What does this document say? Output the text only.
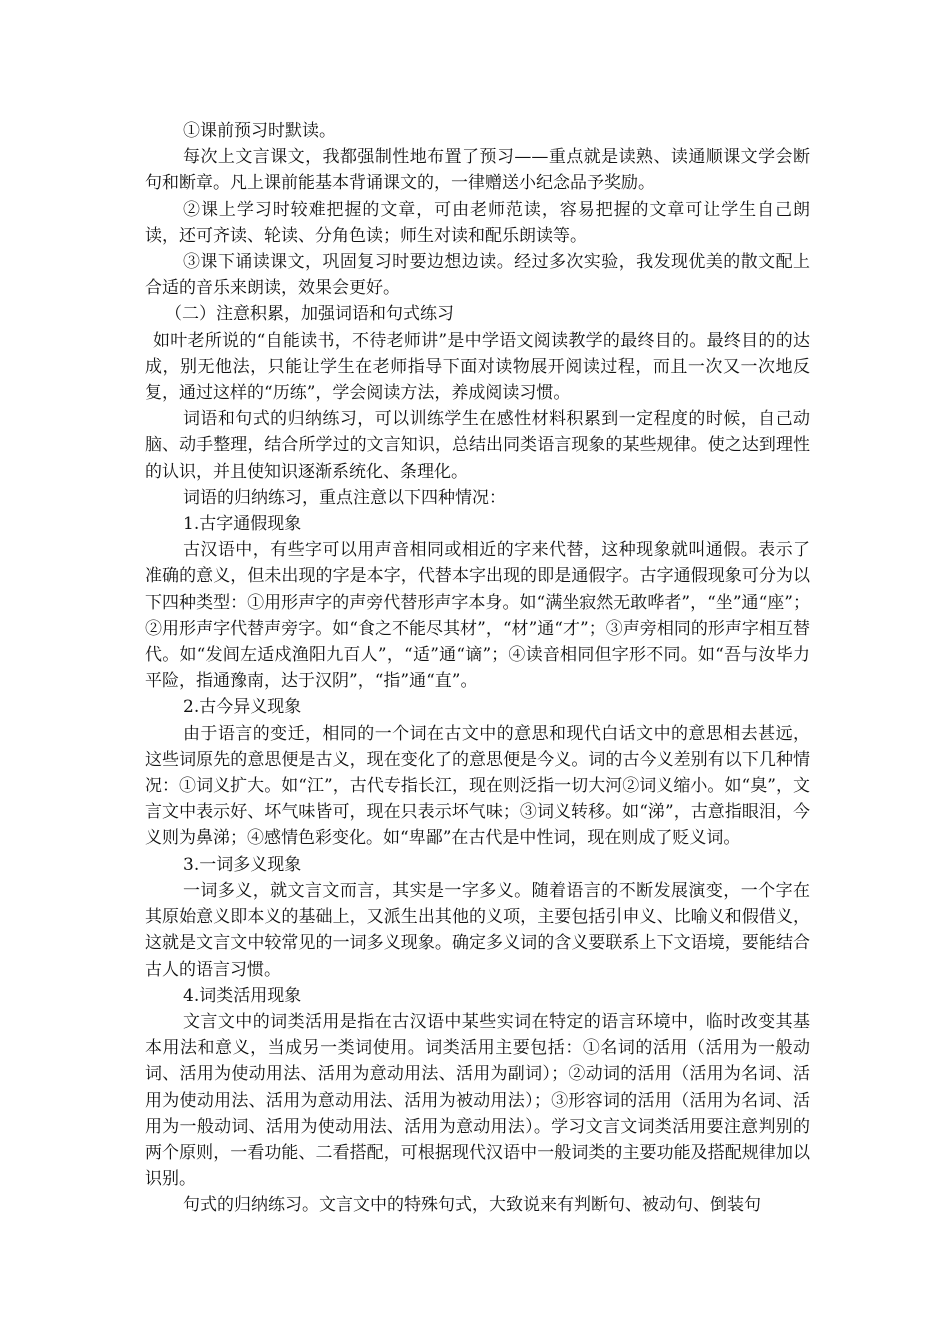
①课前预习时默读。

每次上文言课文，我都强制性地布置了预习——重点就是读熟、读通顺课文学会断句和断章。凡上课前能基本背诵课文的，一律赠送小纪念品予奖励。

②课上学习时较难把握的文章，可由老师范读，容易把握的文章可让学生自己朗读，还可齐读、轮读、分角色读；师生对读和配乐朗读等。

③课下诵读课文，巩固复习时要边想边读。经过多次实验，我发现优美的散文配上合适的音乐来朗读，效果会更好。

（二）注意积累，加强词语和句式练习

如叶老所说的“自能读书，不待老师讲”是中学语文阅读教学的最终目的。最终目的的达成，别无他法，只能让学生在老师指导下面对读物展开阅读过程，而且一次又一次地反复，通过这样的“历练”，学会阅读方法，养成阅读习惯。

词语和句式的归纳练习，可以训练学生在感性材料积累到一定程度的时候，自己动脑、动手整理，结合所学过的文言知识，总结出同类语言现象的某些规律。使之达到理性的认识，并且使知识逐渐系统化、条理化。

词语的归纳练习，重点注意以下四种情况：

1.古字通假现象

古汉语中，有些字可以用声音相同或相近的字来代替，这种现象就叫通假。表示了准确的意义，但未出现的字是本字，代替本字出现的即是通假字。古字通假现象可分为以下四种类型：①用形声字的声旁代替形声字本身。如“满坐寂然无敢哗者”，“坐”通“座”；②用形声字代替声旁字。如“食之不能尽其材”，“材”通“才”；③声旁相同的形声字相互替代。如“发闾左适戍渔阳九百人”，“适”通“谪”；④读音相同但字形不同。如“吾与汝毕力平险，指通豫南，达于汉阴”，“指”通“直”。

2.古今异义现象

由于语言的变迁，相同的一个词在古文中的意思和现代白话文中的意思相去甚远，这些词原先的意思便是古义，现在变化了的意思便是今义。词的古今义差别有以下几种情况：①词义扩大。如“江”，古代专指长江，现在则泛指一切大河②词义缩小。如“臭”，文言文中表示好、坏气味皆可，现在只表示坏气味；③词义转移。如“涕”，古意指眼泪，今义则为鼻涕；④感情色彩变化。如“卑鄙”在古代是中性词，现在则成了贬义词。

3.一词多义现象

一词多义，就文言文而言，其实是一字多义。随着语言的不断发展演变，一个字在其原始意义即本义的基础上，又派生出其他的义项，主要包括引申义、比喻义和假借义，这就是文言文中较常见的一词多义现象。确定多义词的含义要联系上下文语境，要能结合古人的语言习惯。

4.词类活用现象

文言文中的词类活用是指在古汉语中某些实词在特定的语言环境中，临时改变其基本用法和意义，当成另一类词使用。词类活用主要包括：①名词的活用（活用为一般动词、活用为使动用法、活用为意动用法、活用为副词）；②动词的活用（活用为名词、活用为使动用法、活用为意动用法、活用为被动用法）；③形容词的活用（活用为名词、活用为一般动词、活用为使动用法、活用为意动用法）。学习文言文词类活用要注意判别的两个原则，一看功能、二看搭配，可根据现代汉语中一般词类的主要功能及搭配规律加以识别。

句式的归纳练习。文言文中的特殊句式，大致说来有判断句、被动句、倒装句
